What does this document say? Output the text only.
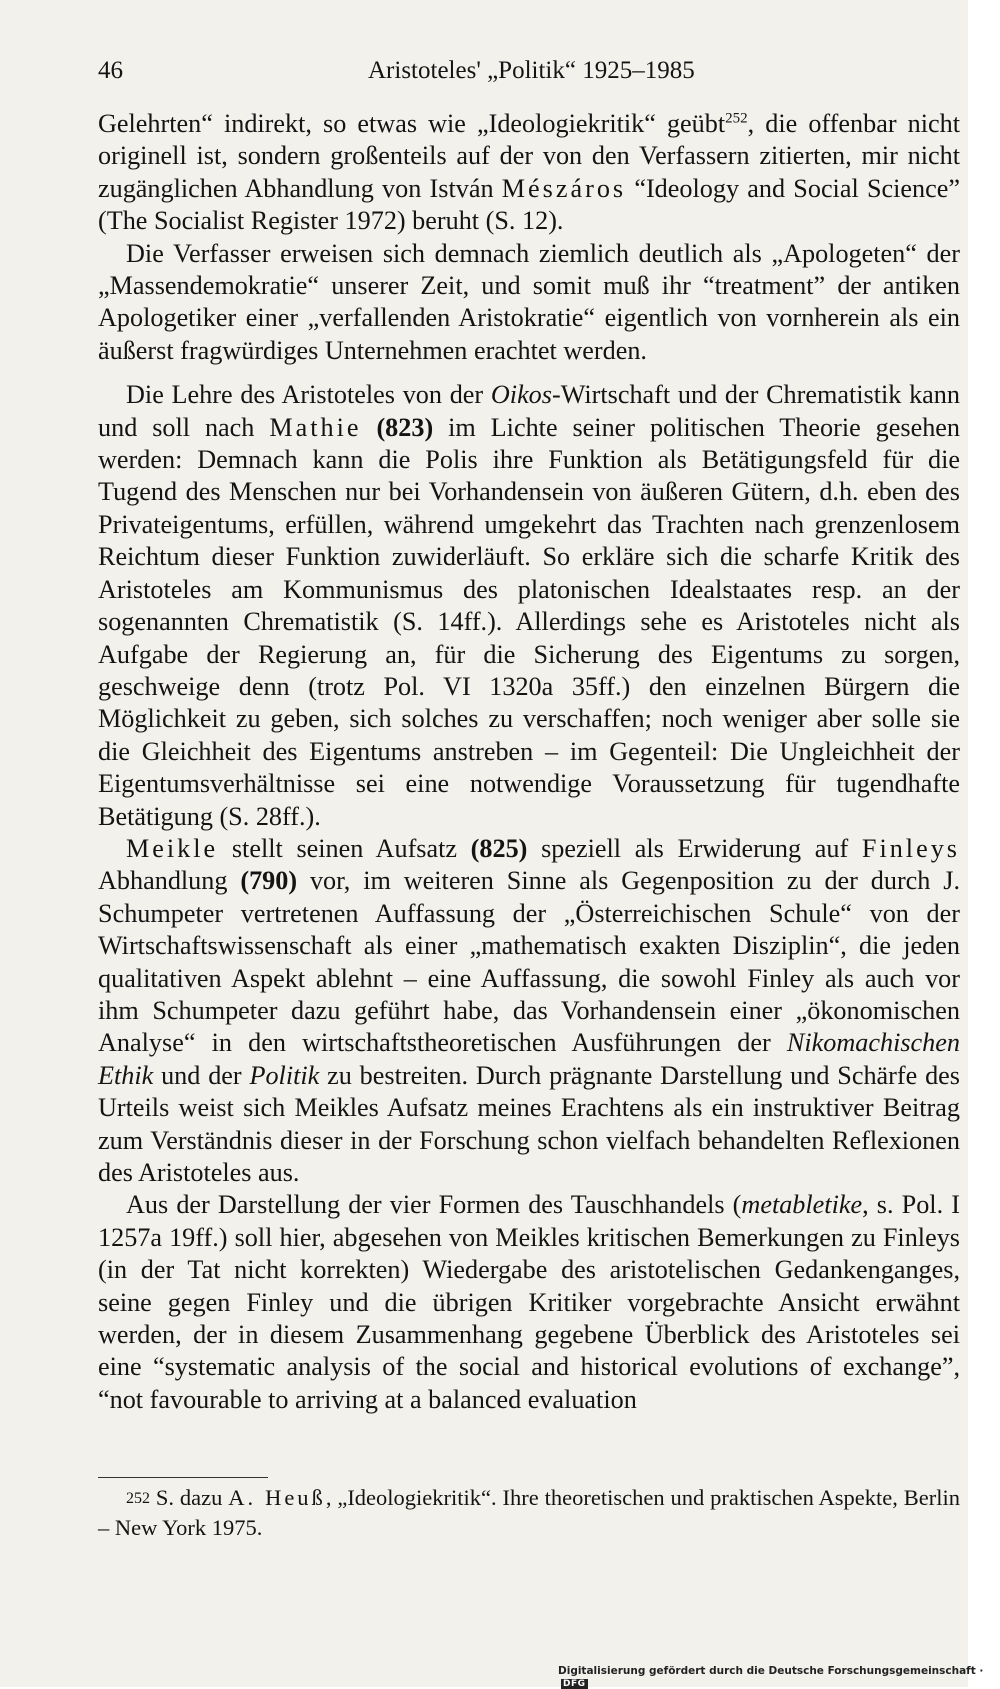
46	Aristoteles' „Politik“ 1925–1985

Gelehrten“ indirekt, so etwas wie „Ideologiekritik“ geübt$^{252}$, die offenbar nicht originell ist, sondern großenteils auf der von den Verfassern zitierten, mir nicht zugänglichen Abhandlung von István Mészáros “Ideology and Social Science” (The Socialist Register 1972) beruht (S. 12).

Die Verfasser erweisen sich demnach ziemlich deutlich als „Apologeten“ der „Massendemokratie“ unserer Zeit, und somit muß ihr “treatment” der antiken Apologetiker einer „verfallenden Aristokratie“ eigentlich von vornherein als ein äußerst fragwürdiges Unternehmen erachtet werden.

Die Lehre des Aristoteles von der Oikos-Wirtschaft und der Chrematistik kann und soll nach Mathie (823) im Lichte seiner politischen Theorie gesehen werden: Demnach kann die Polis ihre Funktion als Betätigungsfeld für die Tugend des Menschen nur bei Vorhandensein von äußeren Gütern, d.h. eben des Privateigentums, erfüllen, während umgekehrt das Trachten nach grenzenlosem Reichtum dieser Funktion zuwiderläuft. So erkläre sich die scharfe Kritik des Aristoteles am Kommunismus des platonischen Idealstaates resp. an der sogenannten Chrematistik (S. 14ff.). Allerdings sehe es Aristoteles nicht als Aufgabe der Regierung an, für die Sicherung des Eigentums zu sorgen, geschweige denn (trotz Pol. VI 1320a 35ff.) den einzelnen Bürgern die Möglichkeit zu geben, sich solches zu verschaffen; noch weniger aber solle sie die Gleichheit des Eigentums anstreben – im Gegenteil: Die Ungleichheit der Eigentumsverhältnisse sei eine notwendige Voraussetzung für tugendhafte Betätigung (S. 28ff.).

Meikle stellt seinen Aufsatz (825) speziell als Erwiderung auf Finleys Abhandlung (790) vor, im weiteren Sinne als Gegenposition zu der durch J. Schumpeter vertretenen Auffassung der „Österreichischen Schule“ von der Wirtschaftswissenschaft als einer „mathematisch exakten Disziplin“, die jeden qualitativen Aspekt ablehnt – eine Auffassung, die sowohl Finley als auch vor ihm Schumpeter dazu geführt habe, das Vorhandensein einer „ökonomischen Analyse“ in den wirtschaftstheoretischen Ausführungen der Nikomachischen Ethik und der Politik zu bestreiten. Durch prägnante Darstellung und Schärfe des Urteils weist sich Meikles Aufsatz meines Erachtens als ein instruktiver Beitrag zum Verständnis dieser in der Forschung schon vielfach behandelten Reflexionen des Aristoteles aus.

Aus der Darstellung der vier Formen des Tauschhandels (metabletike, s. Pol. I 1257a 19ff.) soll hier, abgesehen von Meikles kritischen Bemerkungen zu Finleys (in der Tat nicht korrekten) Wiedergabe des aristotelischen Gedankenganges, seine gegen Finley und die übrigen Kritiker vorgebrachte Ansicht erwähnt werden, der in diesem Zusammenhang gegebene Überblick des Aristoteles sei eine “systematic analysis of the social and historical evolutions of exchange”, “not favourable to arriving at a balanced evaluation

252 S. dazu A. Heuß, „Ideologiekritik“. Ihre theoretischen und praktischen Aspekte, Berlin – New York 1975.

Digitalisierung gefördert durch die Deutsche Forschungsgemeinschaft ·DFG
